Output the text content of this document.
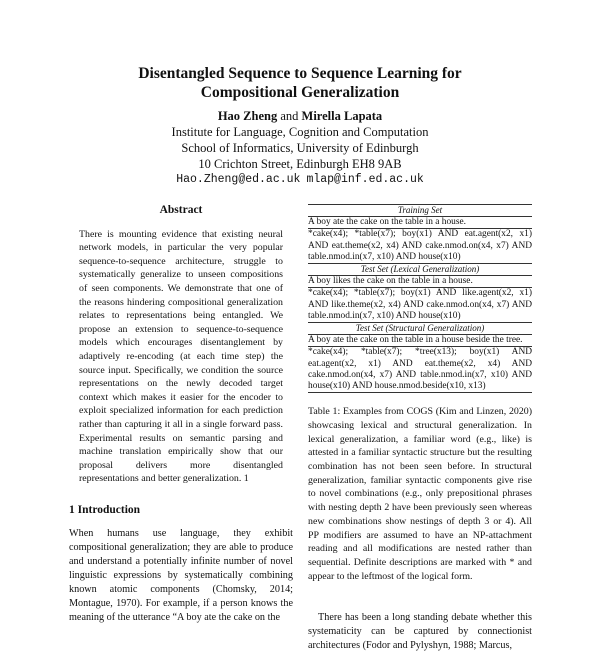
Disentangled Sequence to Sequence Learning for
Compositional Generalization
Hao Zheng and Mirella Lapata
Institute for Language, Cognition and Computation
School of Informatics, University of Edinburgh
10 Crichton Street, Edinburgh EH8 9AB
Hao.Zheng@ed.ac.uk mlap@inf.ed.ac.uk
Abstract

There is mounting evidence that existing neural network models, in particular the very popular sequence-to-sequence architecture, struggle to systematically generalize to unseen compositions of seen components. We demonstrate that one of the reasons hindering compositional generalization relates to representations being entangled. We propose an extension to sequence-to-sequence models which encourages disentanglement by adaptively re-encoding (at each time step) the source input. Specifically, we condition the source representations on the newly decoded target context which makes it easier for the encoder to exploit specialized information for each prediction rather than capturing it all in a single forward pass. Experimental results on semantic parsing and machine translation empirically show that our proposal delivers more disentangled representations and better generalization. 1

1 Introduction

When humans use language, they exhibit compositional generalization; they are able to produce and understand a potentially infinite number of novel linguistic expressions by systematically combining known atomic components (Chomsky, 2014; Montague, 1970). For example, if a person knows the meaning of the utterance “A boy ate the cake on the

Training Set
A boy ate the cake on the table in a house.
*cake(x4); *table(x7); boy(x1) AND eat.agent(x2, x1) AND eat.theme(x2, x4) AND cake.nmod.on(x4, x7) AND table.nmod.in(x7, x10) AND house(x10)
Test Set (Lexical Generalization)
A boy likes the cake on the table in a house.
*cake(x4); *table(x7); boy(x1) AND like.agent(x2, x1) AND like.theme(x2, x4) AND cake.nmod.on(x4, x7) AND table.nmod.in(x7, x10) AND house(x10)
Test Set (Structural Generalization)
A boy ate the cake on the table in a house beside the tree.
*cake(x4); *table(x7); *tree(x13); boy(x1) AND eat.agent(x2, x1) AND eat.theme(x2, x4) AND cake.nmod.on(x4, x7) AND table.nmod.in(x7, x10) AND house(x10) AND house.nmod.beside(x10, x13)

Table 1: Examples from COGS (Kim and Linzen, 2020) showcasing lexical and structural generalization. In lexical generalization, a familiar word (e.g., like) is attested in a familiar syntactic structure but the resulting combination has not been seen before. In structural generalization, familiar syntactic components give rise to novel combinations (e.g., only prepositional phrases with nesting depth 2 have been previously seen whereas new combinations show nestings of depth 3 or 4). All PP modifiers are assumed to have an NP-attachment reading and all modifications are nested rather than sequential. Definite descriptions are marked with * and appear to the leftmost of the logical form.

There has been a long standing debate whether this systematicity can be captured by connectionist architectures (Fodor and Pylyshyn, 1988; Marcus,
